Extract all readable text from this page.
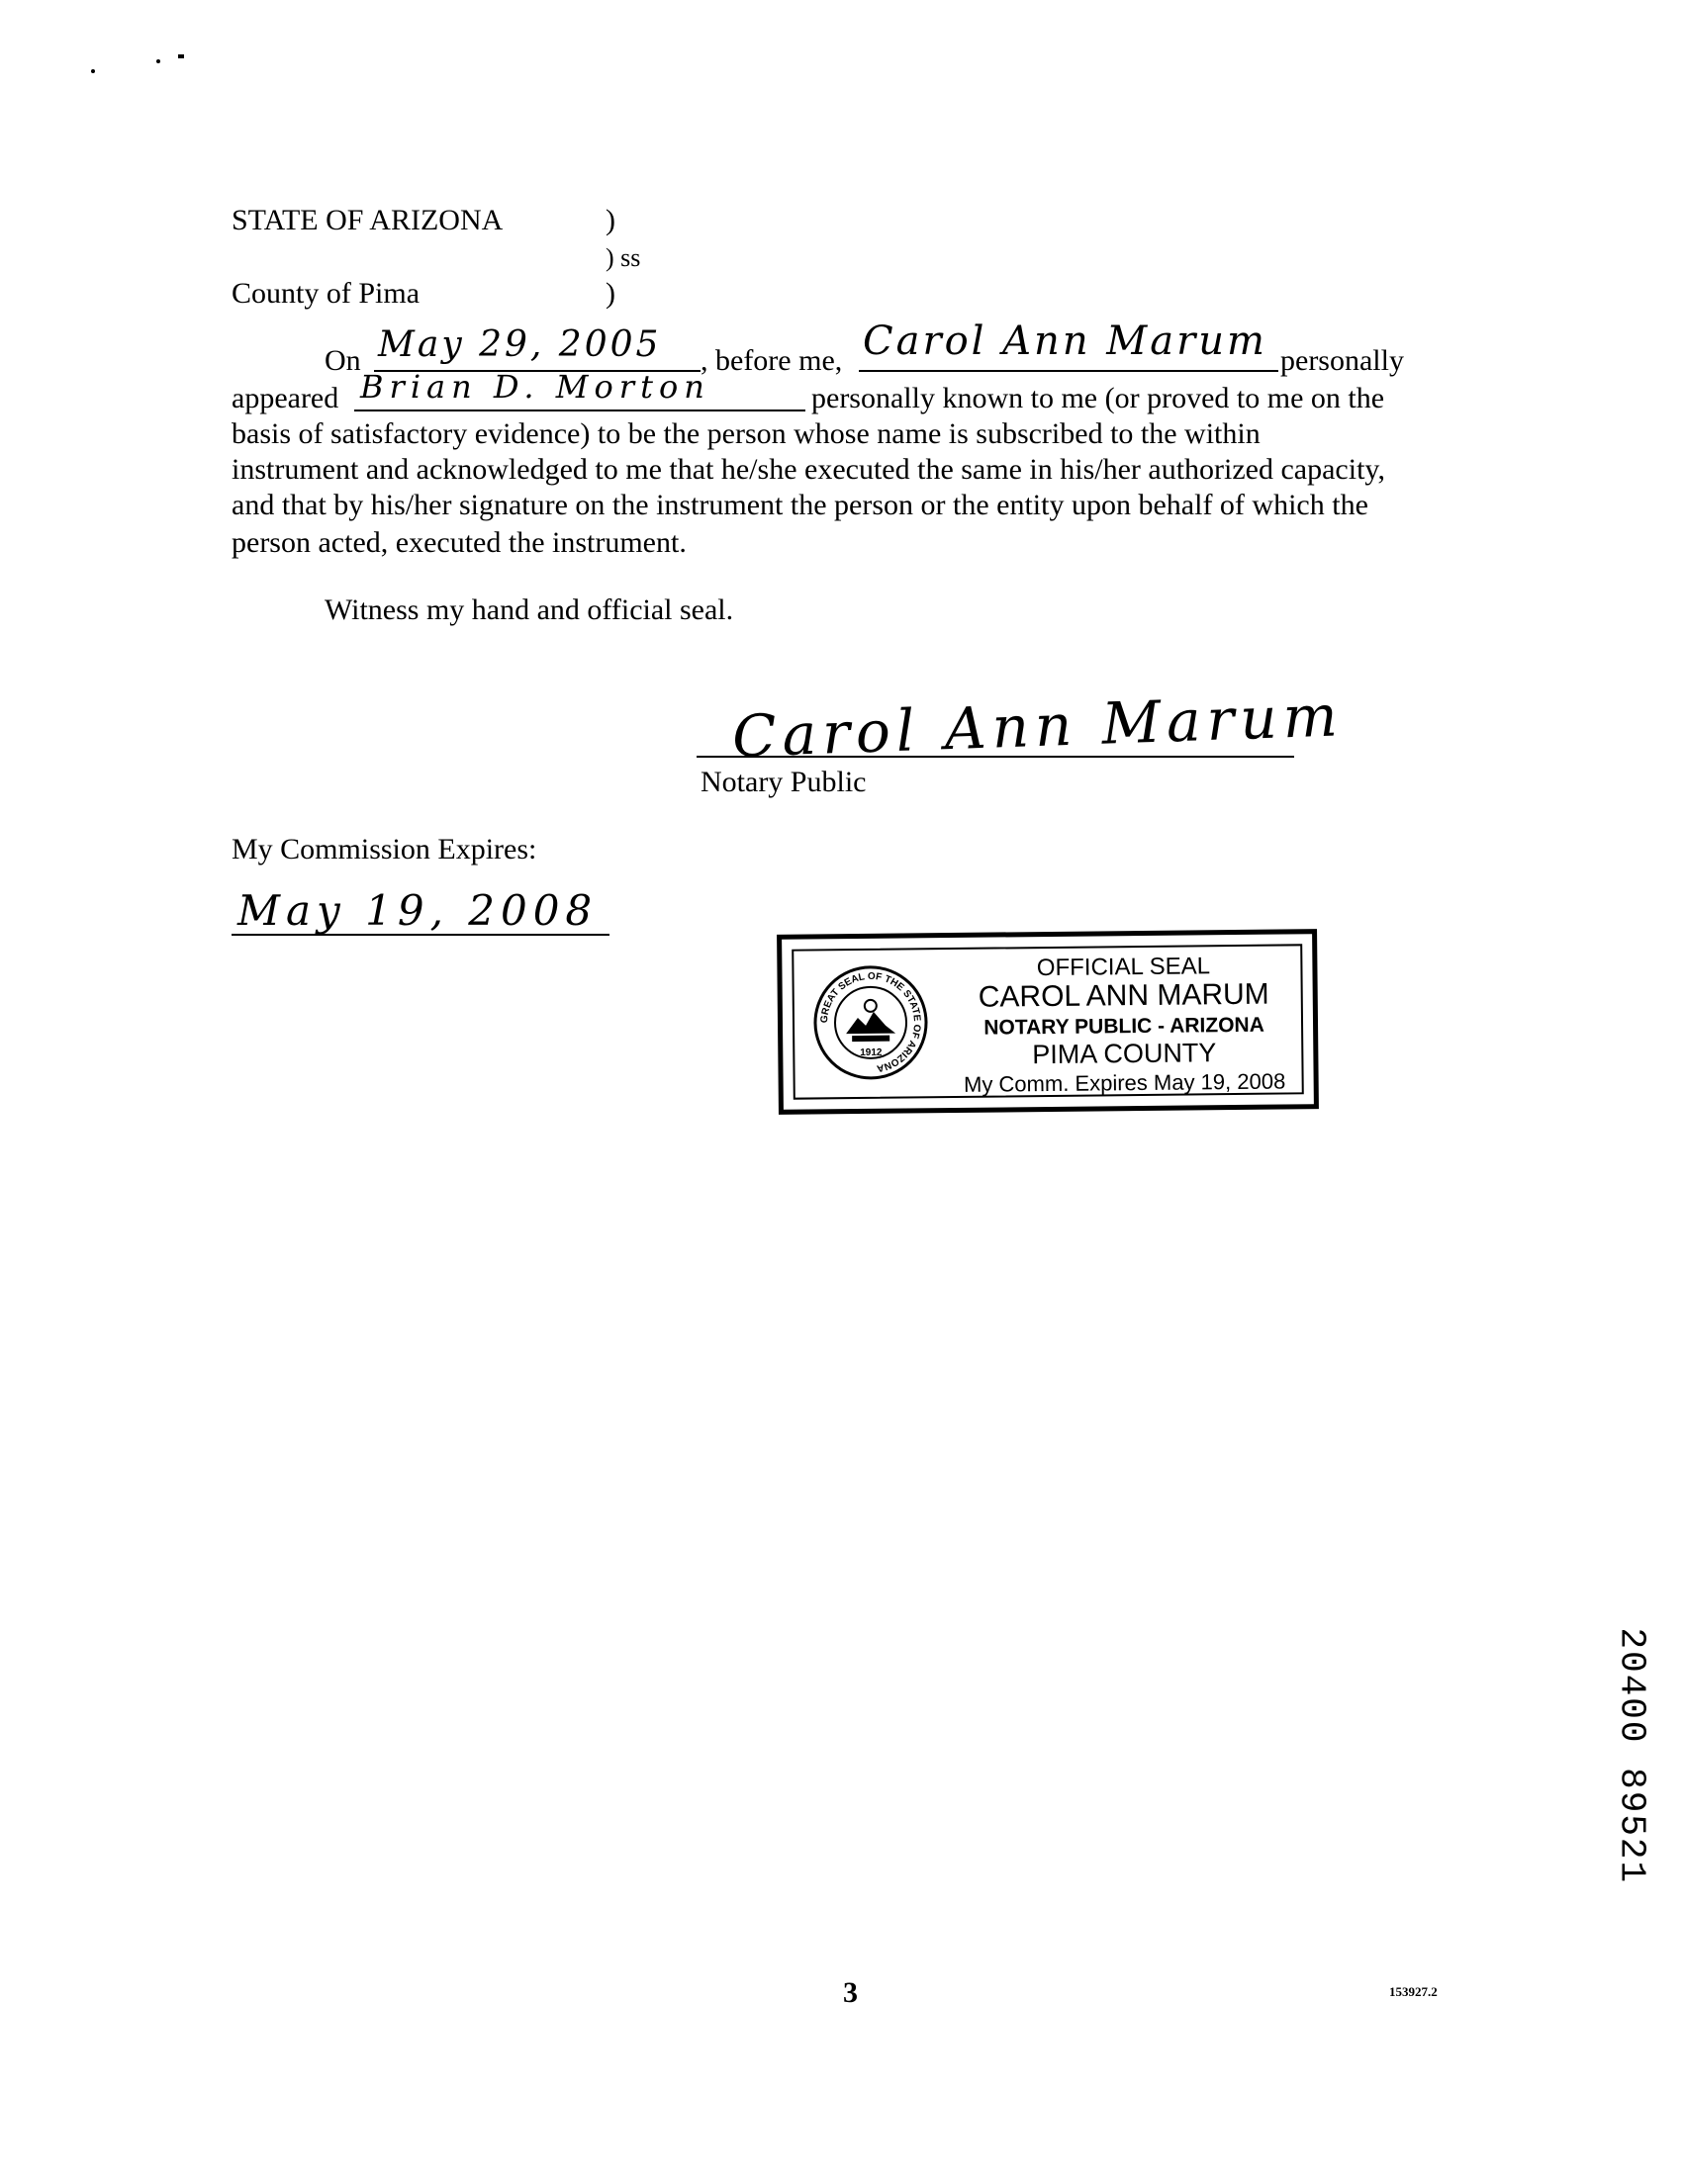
STATE OF ARIZONA	)
) ss
County of Pima	)
On May 29, 2005 , before me, Carol Ann Marum personally
appeared Brian D. Morton	personally known to me (or proved to me on the
basis of satisfactory evidence) to be the person whose name is subscribed to the within
instrument and acknowledged to me that he/she executed the same in his/her authorized capacity,
and that by his/her signature on the instrument the person or the entity upon behalf of which the
person acted, executed the instrument.
Witness my hand and official seal.
Carol Ann Marum
Notary Public
My Commission Expires:
May 19, 2008
GREAT SEAL OF THE STATE OF ARIZONA
1912
OFFICIAL SEAL
CAROL ANN MARUM
NOTARY PUBLIC - ARIZONA
PIMA COUNTY
My Comm. Expires May 19, 2008
3	153927.2
20400 89521
